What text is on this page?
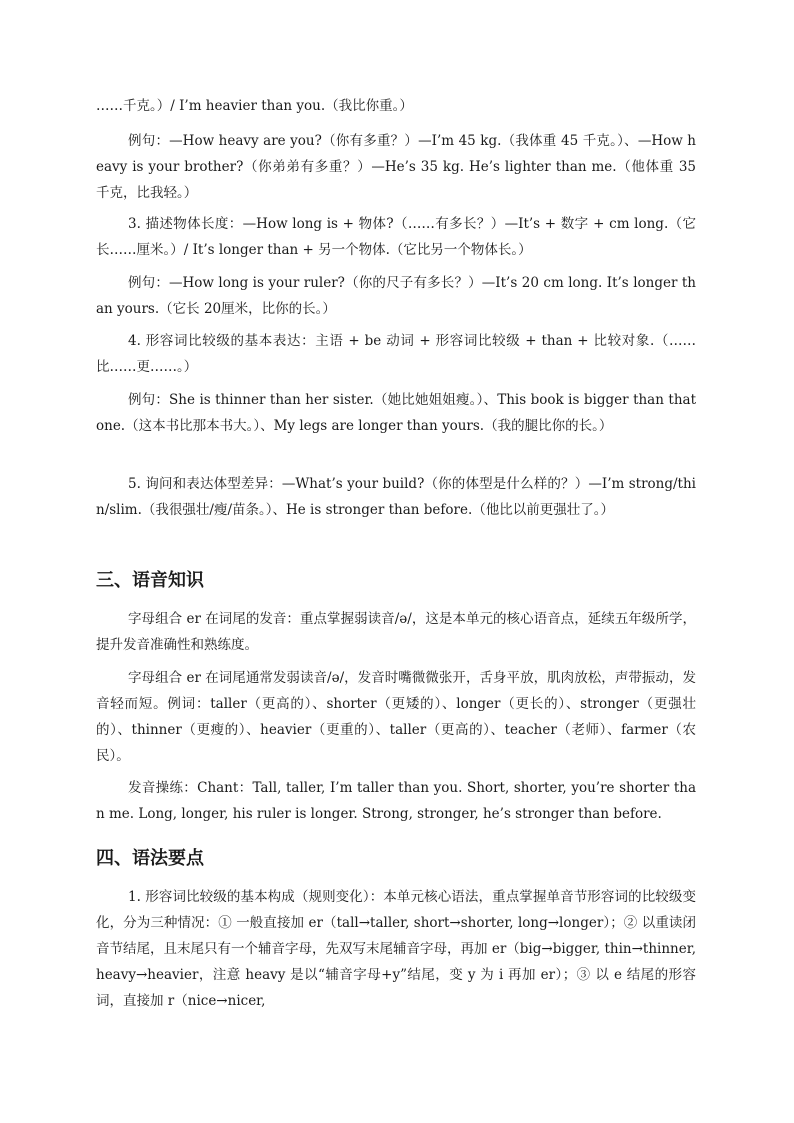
……千克。）/ I’m heavier than you.（我比你重。）

例句：—How heavy are you?（你有多重？）—I’m 45 kg.（我体重 45 千克。）、—How heavy is your brother?（你弟弟有多重？）—He’s 35 kg. He’s lighter than me.（他体重 35 千克，比我轻。）

3. 描述物体长度：—How long is + 物体?（……有多长？）—It’s + 数字 + cm long.（它长……厘米。）/ It’s longer than + 另一个物体.（它比另一个物体长。）

例句：—How long is your ruler?（你的尺子有多长？）—It’s 20 cm long. It’s longer than yours.（它长 20厘米，比你的长。）

4. 形容词比较级的基本表达：主语 + be 动词 + 形容词比较级 + than + 比较对象.（……比……更……。）

例句：She is thinner than her sister.（她比她姐姐瘦。）、This book is bigger than that one.（这本书比那本书大。）、My legs are longer than yours.（我的腿比你的长。）

5. 询问和表达体型差异：—What’s your build?（你的体型是什么样的？）—I’m strong/thin/slim.（我很强壮/瘦/苗条。）、He is stronger than before.（他比以前更强壮了。）

三、语音知识

字母组合 er 在词尾的发音：重点掌握弱读音/ə/，这是本单元的核心语音点，延续五年级所学，提升发音准确性和熟练度。

字母组合 er 在词尾通常发弱读音/ə/，发音时嘴微微张开，舌身平放，肌肉放松，声带振动，发音轻而短。例词：taller（更高的）、shorter（更矮的）、longer（更长的）、stronger（更强壮的）、thinner（更瘦的）、heavier（更重的）、taller（更高的）、teacher（老师）、farmer（农民）。

发音操练：Chant：Tall, taller, I’m taller than you. Short, shorter, you’re shorter than me. Long, longer, his ruler is longer. Strong, stronger, he’s stronger than before.

四、语法要点

1. 形容词比较级的基本构成（规则变化）：本单元核心语法，重点掌握单音节形容词的比较级变化，分为三种情况：① 一般直接加 er（tall→taller, short→shorter, long→longer）；② 以重读闭音节结尾，且末尾只有一个辅音字母，先双写末尾辅音字母，再加 er（big→bigger, thin→thinner, heavy→heavier，注意 heavy 是以“辅音字母+y”结尾，变 y 为 i 再加 er）；③ 以 e 结尾的形容词，直接加 r（nice→nicer,
